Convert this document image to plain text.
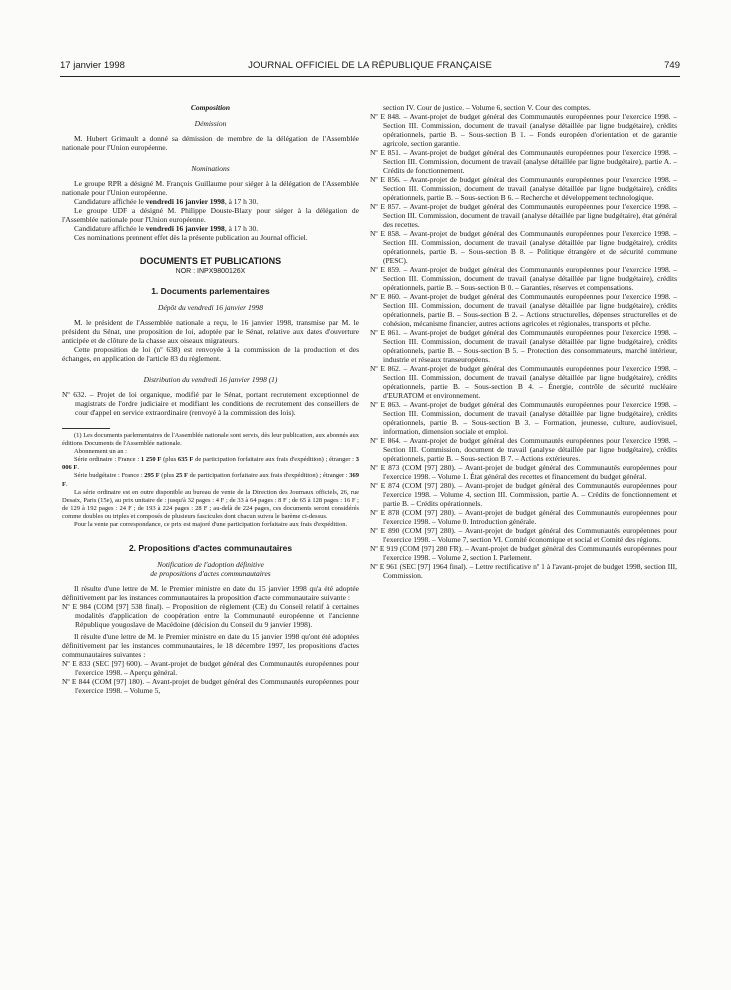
17 janvier 1998	JOURNAL OFFICIEL DE LA RÉPUBLIQUE FRANÇAISE	749

Composition

Démission

M. Hubert Grimault a donné sa démission de membre de la délégation de l'Assemblée nationale pour l'Union européenne.

Nominations

Le groupe RPR a désigné M. François Guillaume pour siéger à la délégation de l'Assemblée nationale pour l'Union européenne.

Candidature affichée le vendredi 16 janvier 1998, à 17 h 30.

Le groupe UDF a désigné M. Philippe Douste-Blazy pour siéger à la délégation de l'Assemblée nationale pour l'Union européenne.

Candidature affichée le vendredi 16 janvier 1998, à 17 h 30.

Ces nominations prennent effet dès la présente publication au Journal officiel.

DOCUMENTS ET PUBLICATIONS

NOR : INPX9800126X

1. Documents parlementaires

Dépôt du vendredi 16 janvier 1998

M. le président de l'Assemblée nationale a reçu, le 16 janvier 1998, transmise par M. le président du Sénat, une proposition de loi, adoptée par le Sénat, relative aux dates d'ouverture anticipée et de clôture de la chasse aux oiseaux migrateurs.

Cette proposition de loi (nº 638) est renvoyée à la commission de la production et des échanges, en application de l'article 83 du règlement.

Distribution du vendredi 16 janvier 1998 (1)

Nº 632. – Projet de loi organique, modifié par le Sénat, portant recrutement exceptionnel de magistrats de l'ordre judiciaire et modifiant les conditions de recrutement des conseillers de cour d'appel en service extraordinaire (renvoyé à la commission des lois).

(1) Les documents parlementaires de l'Assemblée nationale sont servis, dès leur publication, aux abonnés aux éditions Documents de l'Assemblée nationale.

Abonnement un an :

Série ordinaire : France : 1 250 F (plus 635 F de participation forfaitaire aux frais d'expédition) ; étranger : 3 006 F.

Série budgétaire : France : 295 F (plus 25 F de participation forfaitaire aux frais d'expédition) ; étranger : 369 F.

La série ordinaire est en outre disponible au bureau de vente de la Direction des Journaux officiels, 26, rue Desaix, Paris (15e), au prix unitaire de : jusqu'à 32 pages : 4 F ; de 33 à 64 pages : 8 F ; de 65 à 128 pages : 16 F ; de 129 à 192 pages : 24 F ; de 193 à 224 pages : 28 F ; au-delà de 224 pages, ces documents seront considérés comme doubles ou triples et composés de plusieurs fascicules dont chacun suivra le barème ci-dessus.

Pour la vente par correspondance, ce prix est majoré d'une participation forfaitaire aux frais d'expédition.

2. Propositions d'actes communautaires

Notification de l'adoption définitive

de propositions d'actes communautaires

Il résulte d'une lettre de M. le Premier ministre en date du 15 janvier 1998 qu'a été adoptée définitivement par les instances communautaires la proposition d'acte communautaire suivante :

Nº E 984 (COM [97] 538 final). – Proposition de règlement (CE) du Conseil relatif à certaines modalités d'application de coopération entre la Communauté européenne et l'ancienne République yougoslave de Macédoine (décision du Conseil du 9 janvier 1998).

Il résulte d'une lettre de M. le Premier ministre en date du 15 janvier 1998 qu'ont été adoptées définitivement par les instances communautaires, le 18 décembre 1997, les propositions d'actes communautaires suivantes :

Nº E 833 (SEC [97] 600). – Avant-projet de budget général des Communautés européennes pour l'exercice 1998. – Aperçu général.

Nº E 844 (COM [97] 180). – Avant-projet de budget général des Communautés européennes pour l'exercice 1998. – Volume 5,

section IV. Cour de justice. – Volume 6, section V. Cour des comptes.

Nº E 848. – Avant-projet de budget général des Communautés européennes pour l'exercice 1998. – Section III. Commission, document de travail (analyse détaillée par ligne budgétaire), crédits opérationnels, partie B. – Sous-section B 1. – Fonds européen d'orientation et de garantie agricole, section garantie.

Nº E 851. – Avant-projet de budget général des Communautés européennes pour l'exercice 1998. – Section III. Commission, document de travail (analyse détaillée par ligne budgétaire), partie A. – Crédits de fonctionnement.

Nº E 856. – Avant-projet de budget général des Communautés européennes pour l'exercice 1998. – Section III. Commission, document de travail (analyse détaillée par ligne budgétaire), crédits opérationnels, partie B. – Sous-section B 6. – Recherche et développement technologique.

Nº E 857. – Avant-projet de budget général des Communautés européennes pour l'exercice 1998. – Section III. Commission, document de travail (analyse détaillée par ligne budgétaire), état général des recettes.

Nº E 858. – Avant-projet de budget général des Communautés européennes pour l'exercice 1998. – Section III. Commission, document de travail (analyse détaillée par ligne budgétaire), crédits opérationnels, partie B. – Sous-section B 8. – Politique étrangère et de sécurité commune (PESC).

Nº E 859. – Avant-projet de budget général des Communautés européennes pour l'exercice 1998. – Section III. Commission, document de travail (analyse détaillée par ligne budgétaire), crédits opérationnels, partie B. – Sous-section B 0. – Garanties, réserves et compensations.

Nº E 860. – Avant-projet de budget général des Communautés européennes pour l'exercice 1998. – Section III. Commission, document de travail (analyse détaillée par ligne budgétaire), crédits opérationnels, partie B. – Sous-section B 2. – Actions structurelles, dépenses structurelles et de cohésion, mécanisme financier, autres actions agricoles et régionales, transports et pêche.

Nº E 861. – Avant-projet de budget général des Communautés européennes pour l'exercice 1998. – Section III. Commission, document de travail (analyse détaillée par ligne budgétaire), crédits opérationnels, partie B. – Sous-section B 5. – Protection des consommateurs, marché intérieur, industrie et réseaux transeuropéens.

Nº E 862. – Avant-projet de budget général des Communautés européennes pour l'exercice 1998. – Section III. Commission, document de travail (analyse détaillée par ligne budgétaire), crédits opérationnels, partie B. – Sous-section B 4. – Énergie, contrôle de sécurité nucléaire d'EURATOM et environnement.

Nº E 863. – Avant-projet de budget général des Communautés européennes pour l'exercice 1998. – Section III. Commission, document de travail (analyse détaillée par ligne budgétaire), crédits opérationnels, partie B. – Sous-section B 3. – Formation, jeunesse, culture, audiovisuel, information, dimension sociale et emploi.

Nº E 864. – Avant-projet de budget général des Communautés européennes pour l'exercice 1998. – Section III. Commission, document de travail (analyse détaillée par ligne budgétaire), crédits opérationnels, partie B. – Sous-section B 7. – Actions extérieures.

Nº E 873 (COM [97] 280). – Avant-projet de budget général des Communautés européennes pour l'exercice 1998. – Volume 1. État général des recettes et financement du budget général.

Nº E 874 (COM [97] 280). – Avant-projet de budget général des Communautés européennes pour l'exercice 1998. – Volume 4, section III. Commission, partie A. – Crédits de fonctionnement et partie B. – Crédits opérationnels.

Nº E 878 (COM [97] 280). – Avant-projet de budget général des Communautés européennes pour l'exercice 1998. – Volume 0. Introduction générale.

Nº E 890 (COM [97] 280). – Avant-projet de budget général des Communautés européennes pour l'exercice 1998. – Volume 7, section VI. Comité économique et social et Comité des régions.

Nº E 919 (COM [97] 280 FR). – Avant-projet de budget général des Communautés européennes pour l'exercice 1998. – Volume 2, section I. Parlement.

Nº E 961 (SEC [97] 1964 final). – Lettre rectificative nº 1 à l'avant-projet de budget 1998, section III, Commission.
